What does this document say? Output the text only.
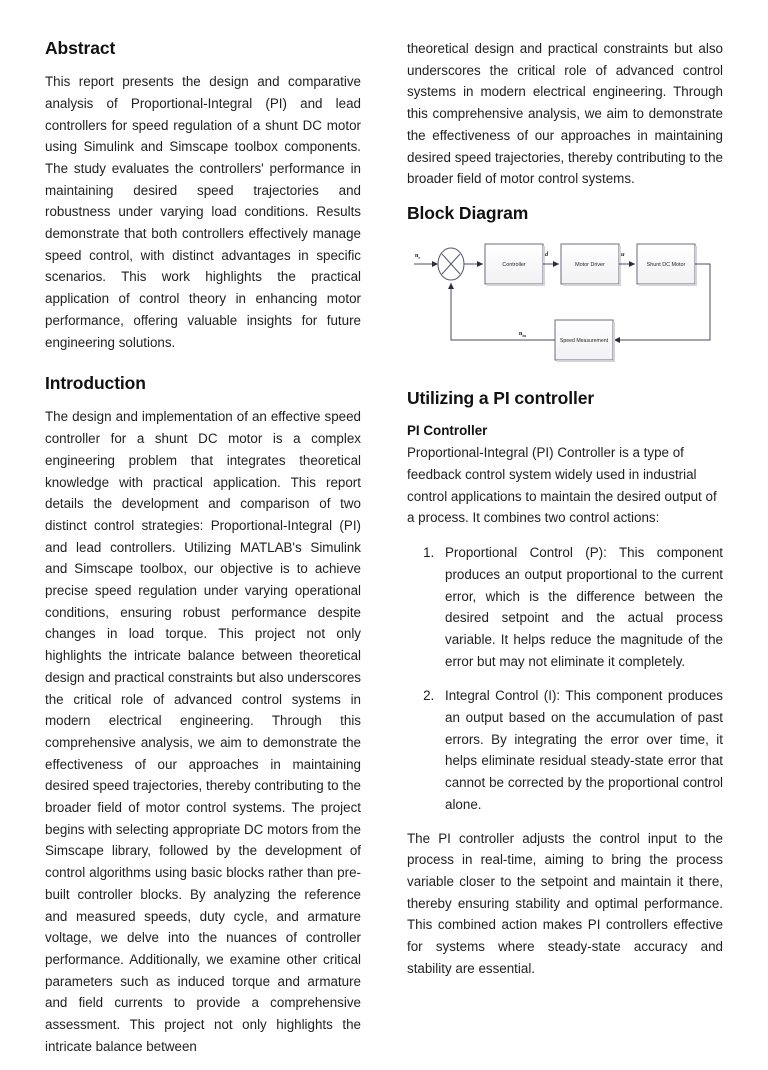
Abstract

This report presents the design and comparative analysis of Proportional-Integral (PI) and lead controllers for speed regulation of a shunt DC motor using Simulink and Simscape toolbox components. The study evaluates the controllers' performance in maintaining desired speed trajectories and robustness under varying load conditions. Results demonstrate that both controllers effectively manage speed control, with distinct advantages in specific scenarios. This work highlights the practical application of control theory in enhancing motor performance, offering valuable insights for future engineering solutions.

Introduction

The design and implementation of an effective speed controller for a shunt DC motor is a complex engineering problem that integrates theoretical knowledge with practical application. This report details the development and comparison of two distinct control strategies: Proportional-Integral (PI) and lead controllers. Utilizing MATLAB's Simulink and Simscape toolbox, our objective is to achieve precise speed regulation under varying operational conditions, ensuring robust performance despite changes in load torque. This project not only highlights the intricate balance between theoretical design and practical constraints but also underscores the critical role of advanced control systems in modern electrical engineering. Through this comprehensive analysis, we aim to demonstrate the effectiveness of our approaches in maintaining desired speed trajectories, thereby contributing to the broader field of motor control systems. The project begins with selecting appropriate DC motors from the Simscape library, followed by the development of control algorithms using basic blocks rather than pre-built controller blocks. By analyzing the reference and measured speeds, duty cycle, and armature voltage, we delve into the nuances of controller performance. Additionally, we examine other critical parameters such as induced torque and armature and field currents to provide a comprehensive assessment. This project not only highlights the intricate balance between

theoretical design and practical constraints but also underscores the critical role of advanced control systems in modern electrical engineering. Through this comprehensive analysis, we aim to demonstrate the effectiveness of our approaches in maintaining desired speed trajectories, thereby contributing to the broader field of motor control systems.

Block Diagram
$n_r$
Controller
d
Motor Driver
u
Shunt DC Motor
Speed Measurement
$n_m$
Utilizing a PI controller
PI Controller

Proportional-Integral (PI) Controller is a type of feedback control system widely used in industrial control applications to maintain the desired output of a process. It combines two control actions:

1. Proportional Control (P): This component produces an output proportional to the current error, which is the difference between the desired setpoint and the actual process variable. It helps reduce the magnitude of the error but may not eliminate it completely.
2. Integral Control (I): This component produces an output based on the accumulation of past errors. By integrating the error over time, it helps eliminate residual steady-state error that cannot be corrected by the proportional control alone.

The PI controller adjusts the control input to the process in real-time, aiming to bring the process variable closer to the setpoint and maintain it there, thereby ensuring stability and optimal performance. This combined action makes PI controllers effective for systems where steady-state accuracy and stability are essential.
